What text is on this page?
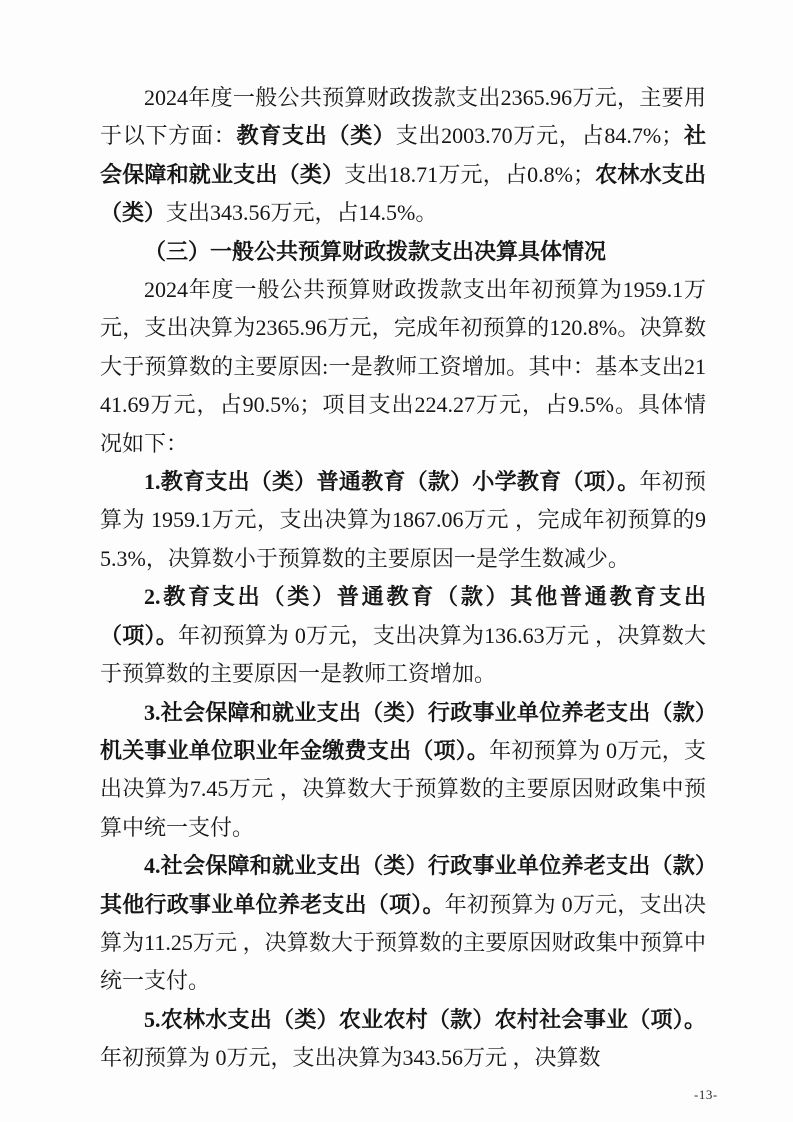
2024年度一般公共预算财政拨款支出2365.96万元，主要用于以下方面：教育支出（类）支出2003.70万元，占84.7%；社会保障和就业支出（类）支出18.71万元，占0.8%；农林水支出（类）支出343.56万元，占14.5%。

（三）一般公共预算财政拨款支出决算具体情况

2024年度一般公共预算财政拨款支出年初预算为1959.1万元，支出决算为2365.96万元，完成年初预算的120.8%。决算数大于预算数的主要原因:一是教师工资增加。其中：基本支出2141.69万元，占90.5%；项目支出224.27万元，占9.5%。具体情况如下：

1.教育支出（类）普通教育（款）小学教育（项）。年初预算为 1959.1万元，支出决算为1867.06万元 ，完成年初预算的95.3%，决算数小于预算数的主要原因一是学生数减少。

2.教育支出（类）普通教育（款）其他普通教育支出（项）。年初预算为 0万元，支出决算为136.63万元 ，决算数大于预算数的主要原因一是教师工资增加。

3.社会保障和就业支出（类）行政事业单位养老支出（款）机关事业单位职业年金缴费支出（项）。年初预算为 0万元，支出决算为7.45万元 ，决算数大于预算数的主要原因财政集中预算中统一支付。

4.社会保障和就业支出（类）行政事业单位养老支出（款）其他行政事业单位养老支出（项）。年初预算为 0万元，支出决算为11.25万元 ，决算数大于预算数的主要原因财政集中预算中统一支付。

5.农林水支出（类）农业农村（款）农村社会事业（项）。年初预算为 0万元，支出决算为343.56万元 ，决算数

-13-
